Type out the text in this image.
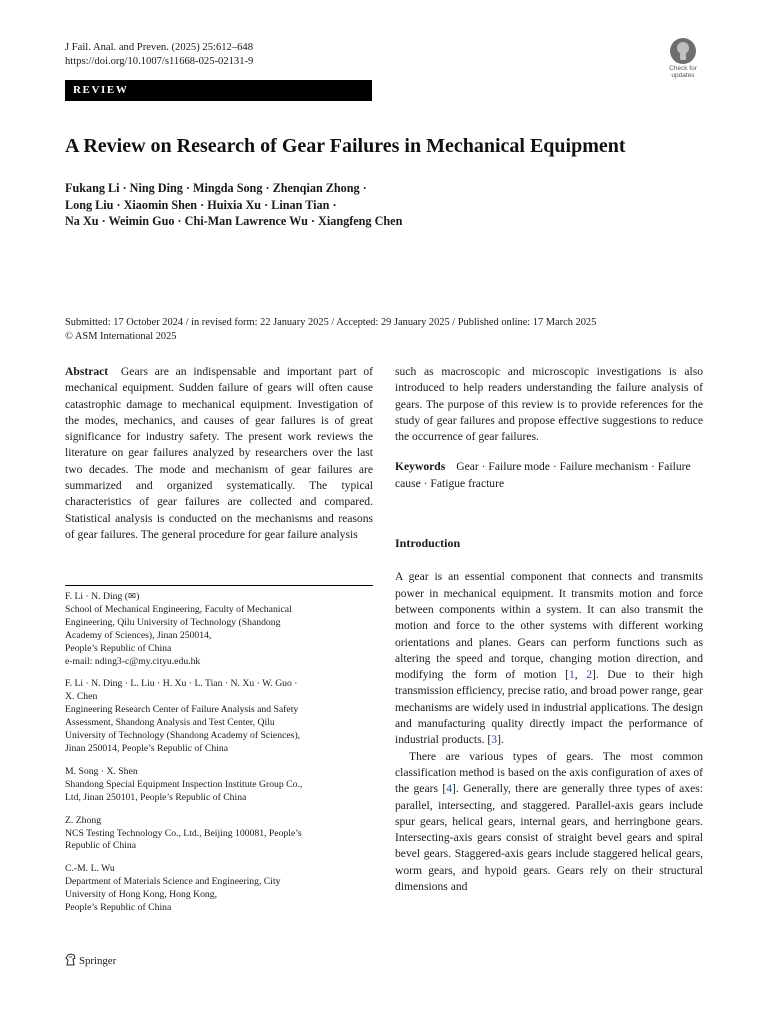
J Fail. Anal. and Preven. (2025) 25:612–648
https://doi.org/10.1007/s11668-025-02131-9
Check for
updates
REVIEW
A Review on Research of Gear Failures in Mechanical Equipment
Fukang Li · Ning Ding · Mingda Song · Zhenqian Zhong ·
Long Liu · Xiaomin Shen · Huixia Xu · Linan Tian ·
Na Xu · Weimin Guo · Chi-Man Lawrence Wu · Xiangfeng Chen
Submitted: 17 October 2024 / in revised form: 22 January 2025 / Accepted: 29 January 2025 / Published online: 17 March 2025
© ASM International 2025

Abstract Gears are an indispensable and important part of mechanical equipment. Sudden failure of gears will often cause catastrophic damage to mechanical equipment. Investigation of the modes, mechanics, and causes of gear failures is of great significance for industry safety. The present work reviews the literature on gear failures analyzed by researchers over the last two decades. The mode and mechanism of gear failures are summarized and organized systematically. The typical characteristics of gear failures are collected and compared. Statistical analysis is conducted on the mechanisms and reasons of gear failures. The general procedure for gear failure analysis

F. Li · N. Ding (✉)
School of Mechanical Engineering, Faculty of Mechanical
Engineering, Qilu University of Technology (Shandong
Academy of Sciences), Jinan 250014,
People’s Republic of China
e-mail: nding3-c@my.cityu.edu.hk
F. Li · N. Ding · L. Liu · H. Xu · L. Tian · N. Xu · W. Guo ·
X. Chen
Engineering Research Center of Failure Analysis and Safety
Assessment, Shandong Analysis and Test Center, Qilu
University of Technology (Shandong Academy of Sciences),
Jinan 250014, People’s Republic of China
M. Song · X. Shen
Shandong Special Equipment Inspection Institute Group Co.,
Ltd, Jinan 250101, People’s Republic of China
Z. Zhong
NCS Testing Technology Co., Ltd., Beijing 100081, People’s
Republic of China
C.-M. L. Wu
Department of Materials Science and Engineering, City
University of Hong Kong, Hong Kong,
People’s Republic of China

such as macroscopic and microscopic investigations is also introduced to help readers understanding the failure analysis of gears. The purpose of this review is to provide references for the study of gear failures and propose effective suggestions to reduce the occurrence of gear failures.

Keywords Gear · Failure mode · Failure mechanism · Failure cause · Fatigue fracture

Introduction

A gear is an essential component that connects and transmits power in mechanical equipment. It transmits motion and force between components within a system. It can also transmit the motion and force to the other systems with different working orientations and planes. Gears can perform functions such as altering the speed and torque, changing motion direction, and modifying the form of motion [1, 2]. Due to their high transmission efficiency, precise ratio, and broad power range, gear mechanisms are widely used in industrial applications. The design and manufacturing quality directly impact the performance of industrial products. [3].

There are various types of gears. The most common classification method is based on the axis configuration of axes of the gears [4]. Generally, there are generally three types of axes: parallel, intersecting, and staggered. Parallel-axis gears include spur gears, helical gears, internal gears, and herringbone gears. Intersecting-axis gears consist of straight bevel gears and spiral bevel gears. Staggered-axis gears include staggered helical gears, worm gears, and hypoid gears. Gears rely on their structural dimensions and

Springer
